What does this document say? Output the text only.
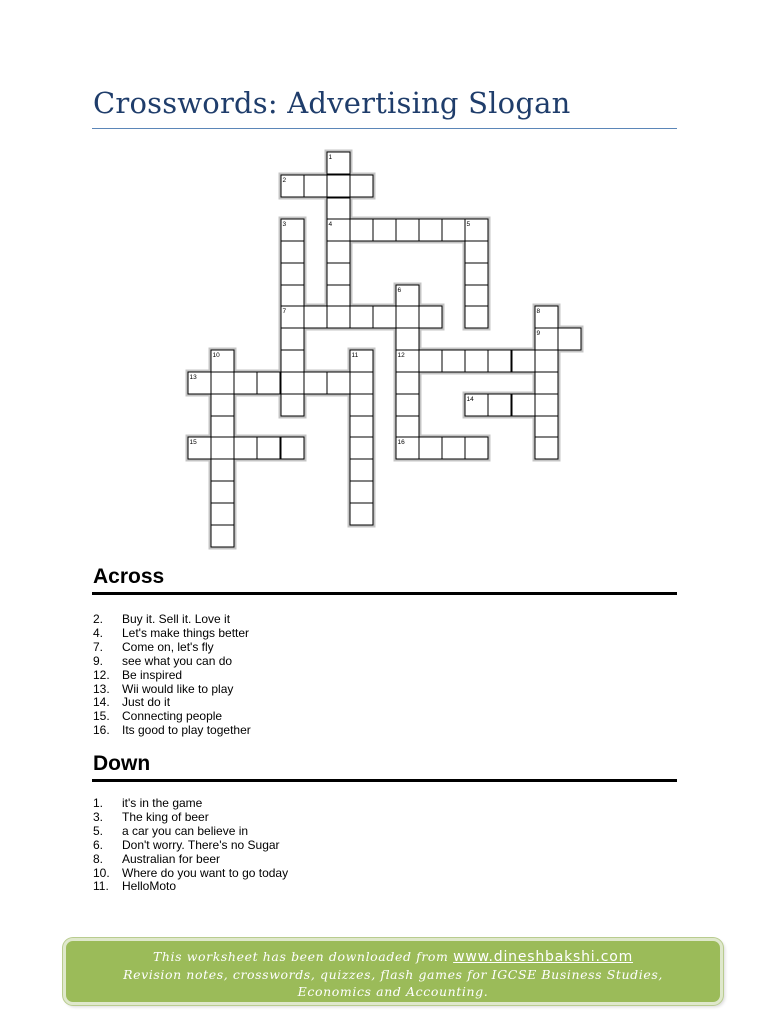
Crosswords: Advertising Slogan
1
2
3	4	5
6
7	8
9
10	11	12
13
14
15	16
Across
2.	Buy it. Sell it. Love it
4.	Let's make things better
7.	Come on, let's fly
9.	see what you can do
12.	Be inspired
13.	Wii would like to play
14.	Just do it
15.	Connecting people
16.	Its good to play together
Down
1.	it's in the game
3.	The king of beer
5.	a car you can believe in
6.	Don't worry. There's no Sugar
8.	Australian for beer
10.	Where do you want to go today
11.	HelloMoto
This worksheet has been downloaded from www.dineshbakshi.com
Revision notes, crosswords, quizzes, flash games for IGCSE Business Studies,
Economics and Accounting.
